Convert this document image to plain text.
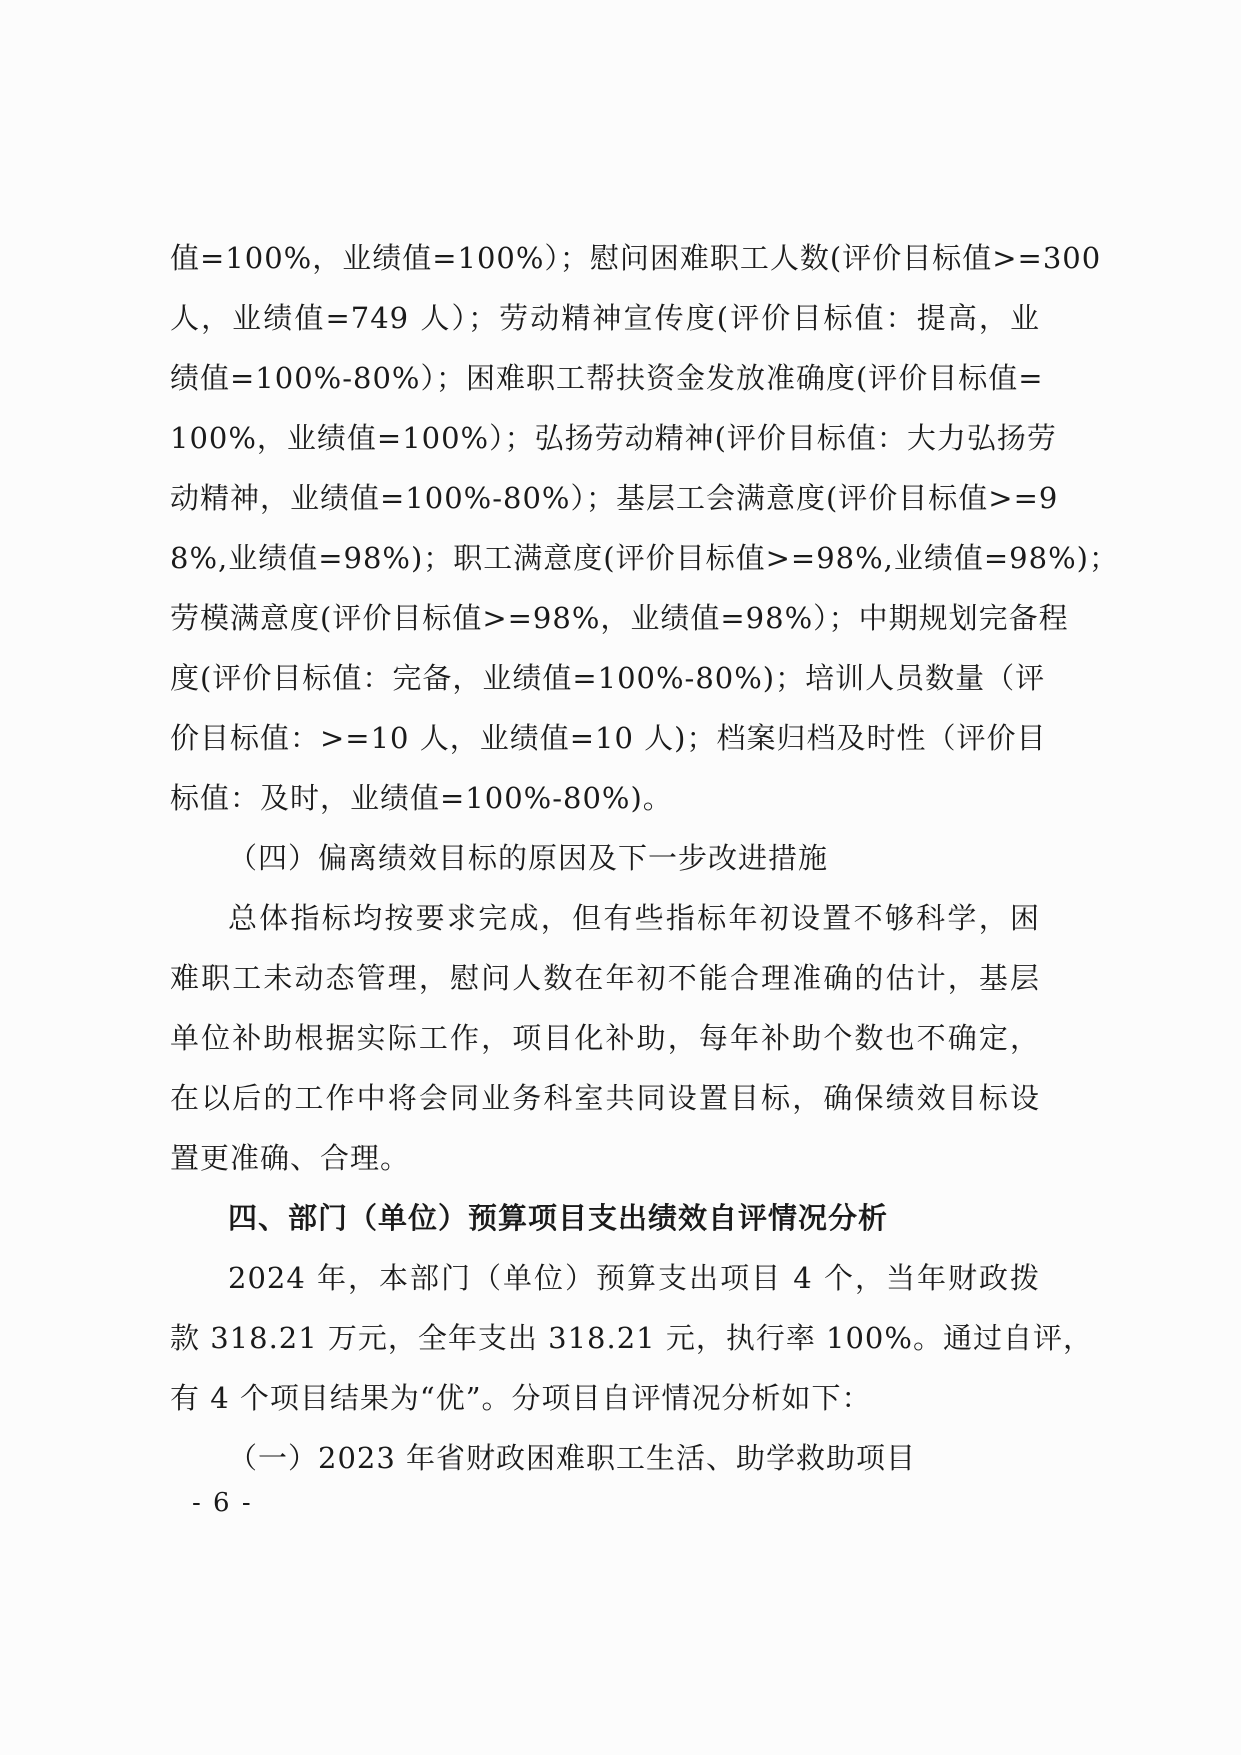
值=100%，业绩值=100%）；慰问困难职工人数(评价目标值>=300
人，业绩值=749 人）；劳动精神宣传度(评价目标值：提高，业
绩值=100%-80%）；困难职工帮扶资金发放准确度(评价目标值=
100%，业绩值=100%）；弘扬劳动精神(评价目标值：大力弘扬劳
动精神，业绩值=100%-80%）；基层工会满意度(评价目标值>=9
8%,业绩值=98%)；职工满意度(评价目标值>=98%,业绩值=98%)；
劳模满意度(评价目标值>=98%，业绩值=98%）；中期规划完备程
度(评价目标值：完备，业绩值=100%-80%)；培训人员数量（评
价目标值：>=10 人，业绩值=10 人)；档案归档及时性（评价目
标值：及时，业绩值=100%-80%)。
（四）偏离绩效目标的原因及下一步改进措施
总体指标均按要求完成，但有些指标年初设置不够科学，困
难职工未动态管理，慰问人数在年初不能合理准确的估计，基层
单位补助根据实际工作，项目化补助，每年补助个数也不确定，
在以后的工作中将会同业务科室共同设置目标，确保绩效目标设
置更准确、合理。
四、部门（单位）预算项目支出绩效自评情况分析
2024 年，本部门（单位）预算支出项目 4 个，当年财政拨
款 318.21 万元，全年支出 318.21 元，执行率 100%。通过自评，
有 4 个项目结果为“优”。分项目自评情况分析如下：
（一）2023 年省财政困难职工生活、助学救助项目
- 6 -
